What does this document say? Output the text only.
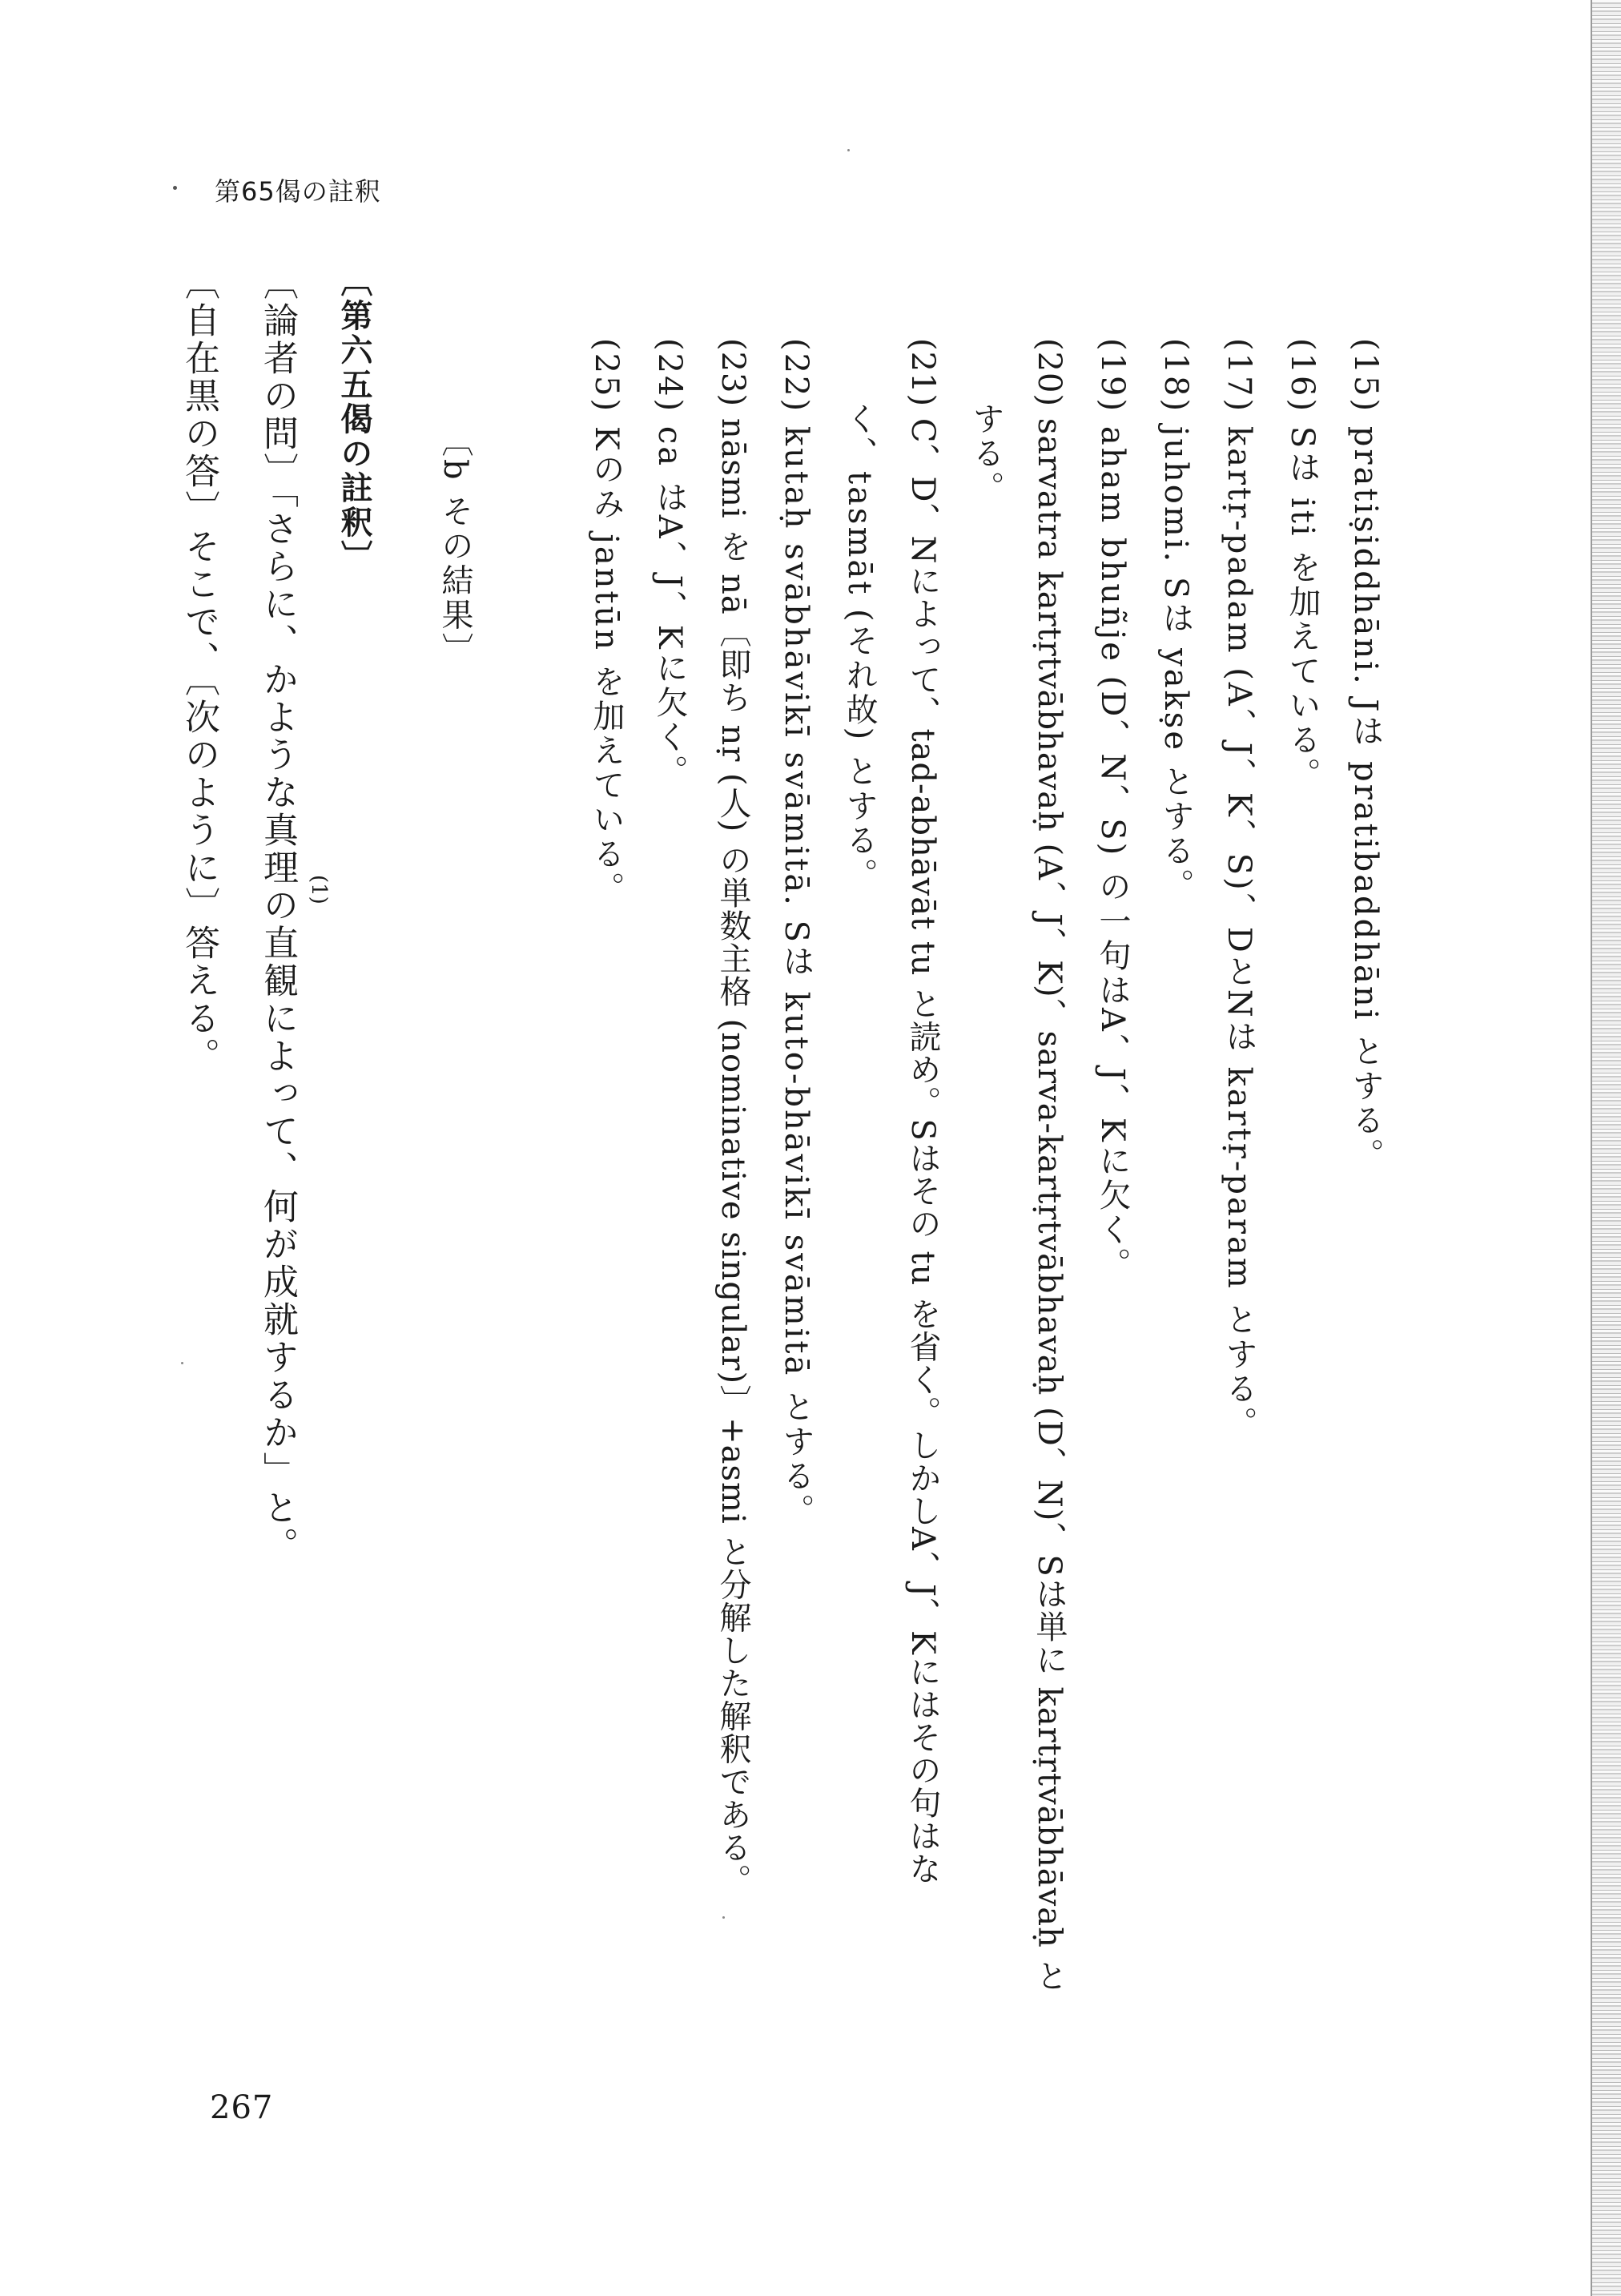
第65偈の註釈
(15) pratiṣiddhāni. Jは pratibaddhāni とする。
(16) Sは iti を加えている。
(17) kartṛ-padam (A、J、K、S)、DとNは kartṛ-param とする。
(18) juhomi. Sは yakṣe とする。
(19) aham bhuñje (D、N、S) の一句はA、J、Kに欠く。
(20) sarvatra kartṛtvābhavaḥ (A、J、K)、sarva-kartṛtvābhavaḥ (D、N)、Sは単に kartṛtvābhāvaḥ と
する。
(21) C、D、Nによって、tad-abhāvāt tu と読め。Sはその tu を省く。しかしA、J、Kにはその句はな
く、tasmāt (それ故) とする。
(22) kutaḥ svābhāvikī svāmitā. Sは kuto-bhāvikī svāmitā とする。
(23) nāsmi を nā〔即ち nṛ (人) の単数主格 (nominative singular)〕+asmi と分解した解釈である。
(24) ca はA、J、Kに欠く。
(25) Kのみ jantūn を加えている。
〔b その結果〕
〔第六五偈の註釈〕
〔論者の問〕「さらに、かような真理の直観によって、何が成就するか」と。 (1)
〔自在黒の答〕そこで、〔次のように〕答える。
267
